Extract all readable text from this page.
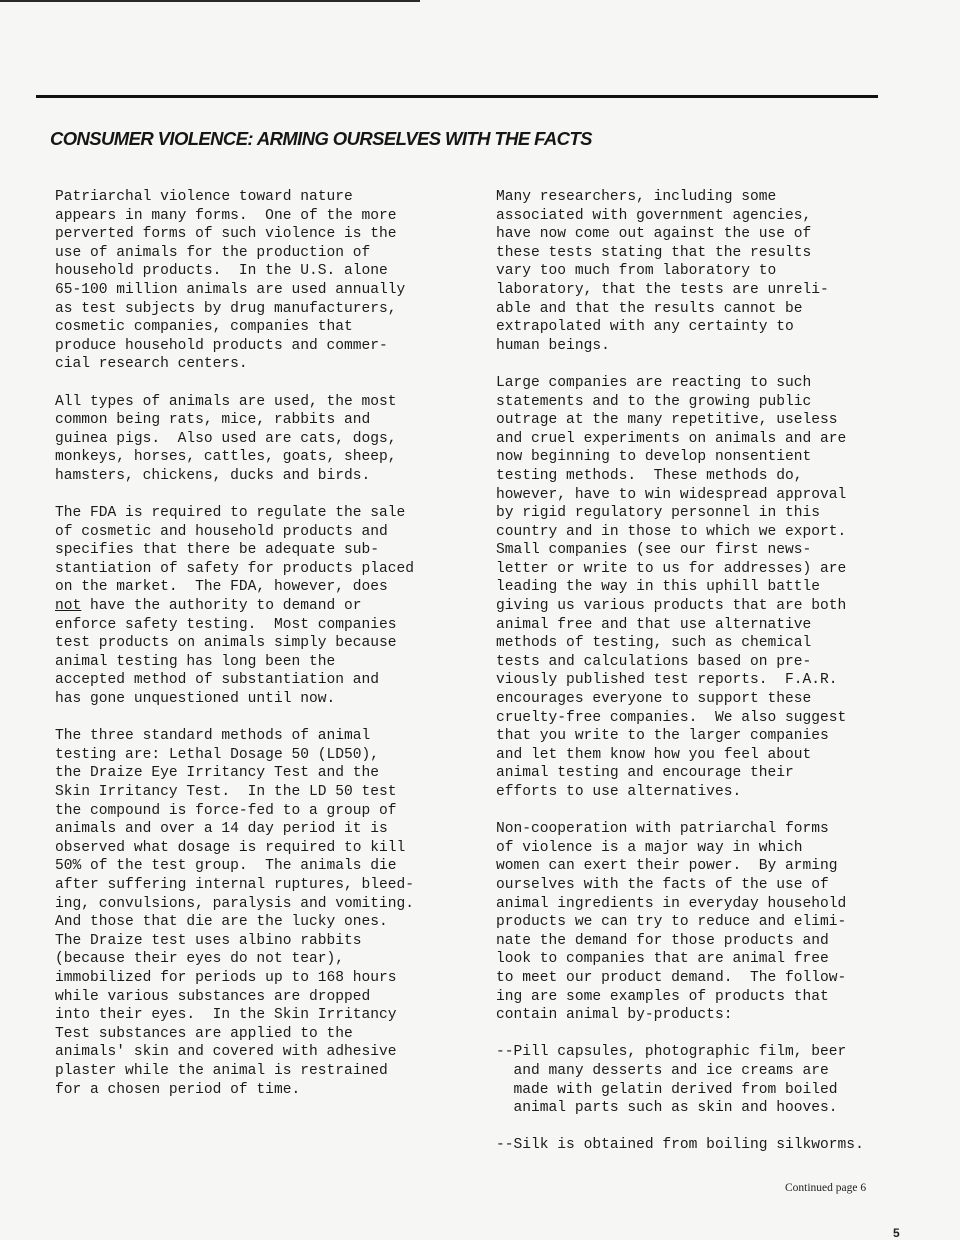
CONSUMER VIOLENCE: ARMING OURSELVES WITH THE FACTS

Patriarchal violence toward nature
appears in many forms.  One of the more
perverted forms of such violence is the
use of animals for the production of
household products.  In the U.S. alone
65-100 million animals are used annually
as test subjects by drug manufacturers,
cosmetic companies, companies that
produce household products and commer-
cial research centers.

All types of animals are used, the most
common being rats, mice, rabbits and
guinea pigs.  Also used are cats, dogs,
monkeys, horses, cattles, goats, sheep,
hamsters, chickens, ducks and birds.

The FDA is required to regulate the sale
of cosmetic and household products and
specifies that there be adequate sub-
stantiation of safety for products placed
on the market.  The FDA, however, does
not have the authority to demand or
enforce safety testing.  Most companies
test products on animals simply because
animal testing has long been the
accepted method of substantiation and
has gone unquestioned until now.

The three standard methods of animal
testing are: Lethal Dosage 50 (LD50),
the Draize Eye Irritancy Test and the
Skin Irritancy Test.  In the LD 50 test
the compound is force-fed to a group of
animals and over a 14 day period it is
observed what dosage is required to kill
50% of the test group.  The animals die
after suffering internal ruptures, bleed-
ing, convulsions, paralysis and vomiting.
And those that die are the lucky ones.
The Draize test uses albino rabbits
(because their eyes do not tear),
immobilized for periods up to 168 hours
while various substances are dropped
into their eyes.  In the Skin Irritancy
Test substances are applied to the
animals' skin and covered with adhesive
plaster while the animal is restrained
for a chosen period of time.

Many researchers, including some
associated with government agencies,
have now come out against the use of
these tests stating that the results
vary too much from laboratory to
laboratory, that the tests are unreli-
able and that the results cannot be
extrapolated with any certainty to
human beings.

Large companies are reacting to such
statements and to the growing public
outrage at the many repetitive, useless
and cruel experiments on animals and are
now beginning to develop nonsentient
testing methods.  These methods do,
however, have to win widespread approval
by rigid regulatory personnel in this
country and in those to which we export.
Small companies (see our first news-
letter or write to us for addresses) are
leading the way in this uphill battle
giving us various products that are both
animal free and that use alternative
methods of testing, such as chemical
tests and calculations based on pre-
viously published test reports.  F.A.R.
encourages everyone to support these
cruelty-free companies.  We also suggest
that you write to the larger companies
and let them know how you feel about
animal testing and encourage their
efforts to use alternatives.

Non-cooperation with patriarchal forms
of violence is a major way in which
women can exert their power.  By arming
ourselves with the facts of the use of
animal ingredients in everyday household
products we can try to reduce and elimi-
nate the demand for those products and
look to companies that are animal free
to meet our product demand.  The follow-
ing are some examples of products that
contain animal by-products:

--Pill capsules, photographic film, beer
and many desserts and ice creams are
made with gelatin derived from boiled
animal parts such as skin and hooves.

--Silk is obtained from boiling silkworms.

Continued page 6
5
